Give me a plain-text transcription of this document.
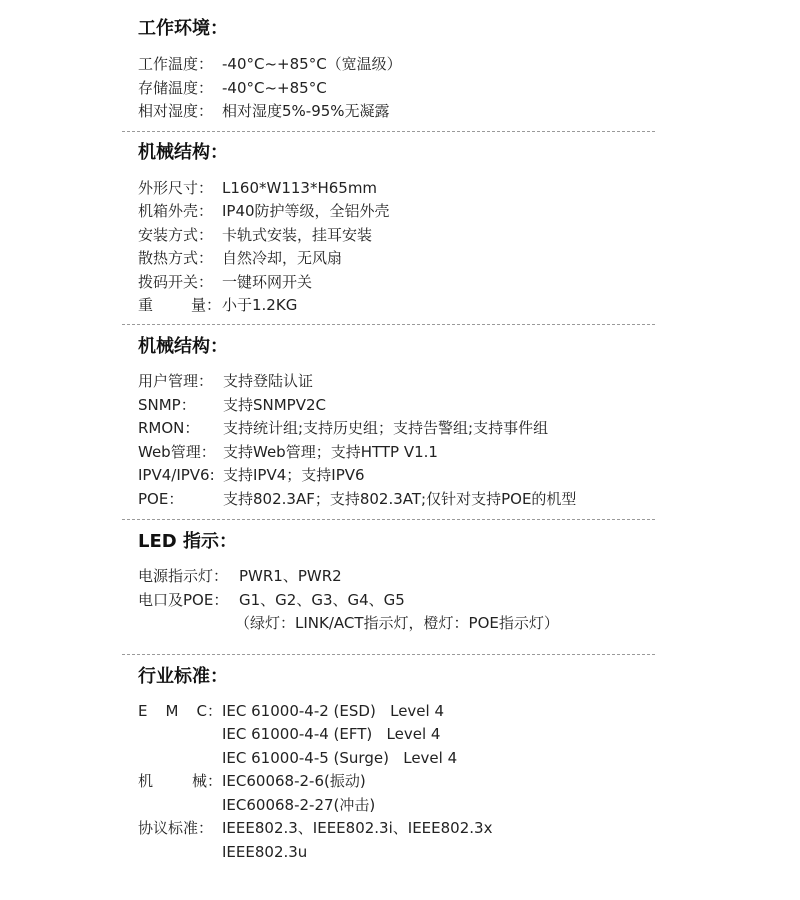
工作环境：
工作温度： -40°C~+85°C（宽温级）
存储温度： -40°C~+85°C
相对湿度： 相对湿度5%-95%无凝露
机械结构：
外形尺寸： L160*W113*H65mm
机箱外壳： IP40防护等级，全铝外壳
安装方式： 卡轨式安装，挂耳安装
散热方式： 自然冷却，无风扇
拨码开关： 一键环网开关
重	量 ： 小于1.2KG
机械结构：
用户管理： 支持登陆认证
SNMP： 支持SNMPV2C
RMON： 支持统计组;支持历史组；支持告警组;支持事件组
Web管理： 支持Web管理；支持HTTP V1.1
IPV4/IPV6: 支持IPV4；支持IPV6
POE：	支持802.3AF；支持802.3AT;仅针对支持POE的机型
LED 指示：
电源指示灯： PWR1、PWR2
电口及POE： G1、G2、G3、G4、G5
（绿灯：LINK/ACT指示灯，橙灯：POE指示灯）
行业标准：
E M C ： IEC 61000-4-2 (ESD)   Level 4
IEC 61000-4-4 (EFT)   Level 4
IEC 61000-4-5 (Surge)   Level 4
机	械 ： IEC60068-2-6(振动)
IEC60068-2-27(冲击)
协议标准： IEEE802.3、IEEE802.3i、IEEE802.3x
IEEE802.3u
